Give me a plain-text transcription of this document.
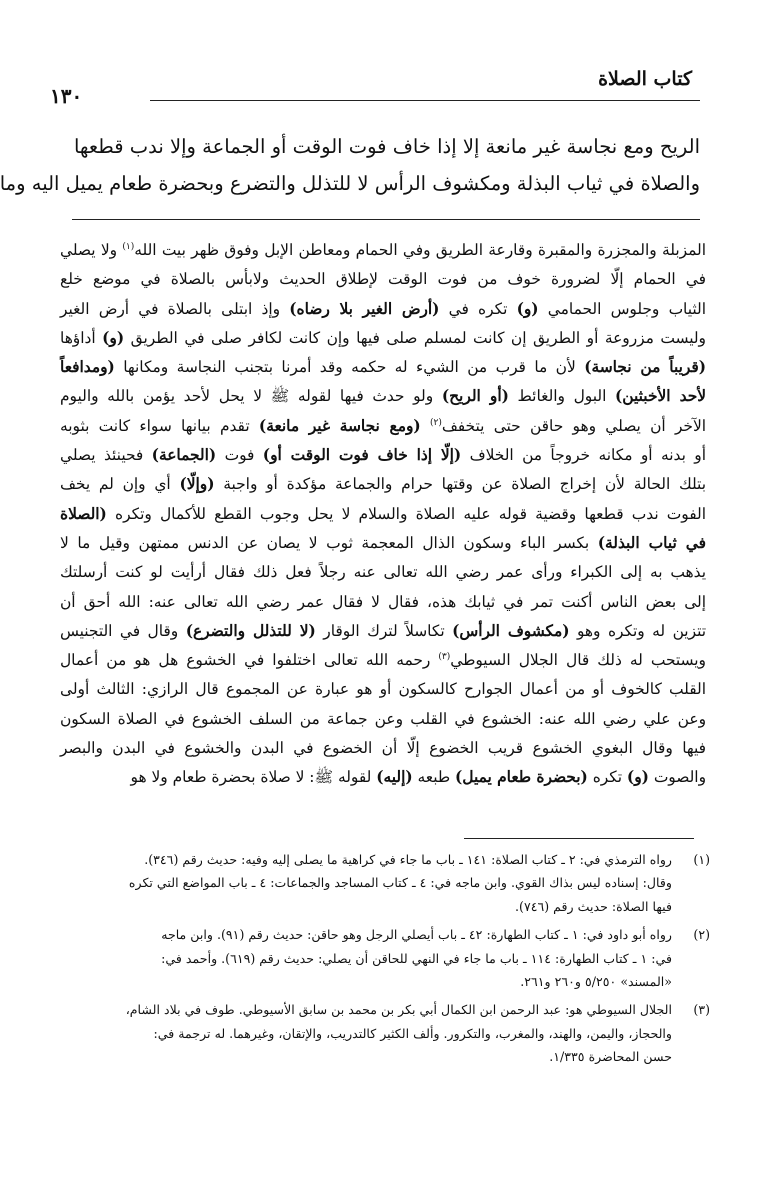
١٣٠
كتاب الصلاة
الريح ومع نجاسة غير مانعة إلا إذا خاف فوت الوقت أو الجماعة وإلا ندب قطعها
والصلاة في ثياب البذلة ومكشوف الرأس لا للتذلل والتضرع وبحضرة طعام يميل اليه وما
المزبلة والمجزرة والمقبرة وقارعة الطريق وفي الحمام ومعاطن الإبل وفوق ظهر بيت الله$^{(١)}$ ولا يصلي
في الحمام إلّا لضرورة خوف من فوت الوقت لإطلاق الحديث ولابأس بالصلاة في موضع خلع
الثياب وجلوس الحمامي (و) تكره في (أرض الغير بلا رضاه) وإذ ابتلى بالصلاة في أرض الغير
وليست مزروعة أو الطريق إن كانت لمسلم صلى فيها وإن كانت لكافر صلى في الطريق (و) أداؤها
(قريباً من نجاسة) لأن ما قرب من الشيء له حكمه وقد أمرنا بتجنب النجاسة ومكانها (ومدافعاً
لأحد الأخبثين) البول والغائط (أو الريح) ولو حدث فيها لقوله ﷺ لا يحل لأحد يؤمن بالله واليوم
الآخر أن يصلي وهو حاقن حتى يتخفف$^{(٢)}$ (ومع نجاسة غير مانعة) تقدم بيانها سواء كانت بثوبه
أو بدنه أو مكانه خروجاً من الخلاف (إلّا إذا خاف فوت الوقت أو) فوت (الجماعة) فحينئذ يصلي
بتلك الحالة لأن إخراج الصلاة عن وقتها حرام والجماعة مؤكدة أو واجبة (وإلّا) أي وإن لم يخف
الفوت ندب قطعها وقضية قوله عليه الصلاة والسلام لا يحل وجوب القطع للأكمال وتكره (الصلاة
في ثياب البذلة) بكسر الباء وسكون الذال المعجمة ثوب لا يصان عن الدنس ممتهن وقيل ما لا
يذهب به إلى الكبراء ورأى عمر رضي الله تعالى عنه رجلاً فعل ذلك فقال أرأيت لو كنت أرسلتك
إلى بعض الناس أكنت تمر في ثيابك هذه، فقال لا فقال عمر رضي الله تعالى عنه: الله أحق أن
تتزين له وتكره وهو (مكشوف الرأس) تكاسلاً لترك الوقار (لا للتذلل والتضرع) وقال في التجنيس
ويستحب له ذلك قال الجلال السيوطي$^{(٣)}$ رحمه الله تعالى اختلفوا في الخشوع هل هو من أعمال
القلب كالخوف أو من أعمال الجوارح كالسكون أو هو عبارة عن المجموع قال الرازي: الثالث أولى
وعن علي رضي الله عنه: الخشوع في القلب وعن جماعة من السلف الخشوع في الصلاة السكون
فيها وقال البغوي الخشوع قريب الخضوع إلّا أن الخضوع في البدن والخشوع في البدن والبصر
والصوت (و) تكره (بحضرة طعام يميل) طبعه (إليه) لقوله ﷺ: لا صلاة بحضرة طعام ولا هو
(١)
رواه الترمذي في: ٢ ـ كتاب الصلاة: ١٤١ ـ باب ما جاء في كراهية ما يصلى إليه وفيه: حديث رقم (٣٤٦).
وقال: إسناده ليس بذاك القوي. وابن ماجه في: ٤ ـ كتاب المساجد والجماعات: ٤ ـ باب المواضع التي تكره
فيها الصلاة: حديث رقم (٧٤٦).
(٢)
رواه أبو داود في: ١ ـ كتاب الطهارة: ٤٢ ـ باب أيصلي الرجل وهو حاقن: حديث رقم (٩١). وابن ماجه
في: ١ ـ كتاب الطهارة: ١١٤ ـ باب ما جاء في النهي للحاقن أن يصلي: حديث رقم (٦١٩). وأحمد في:
«المسند» ٥/٢٥٠ و٢٦٠ و٢٦١.
(٣)
الجلال السيوطي هو: عبد الرحمن ابن الكمال أبي بكر بن محمد بن سابق الأسيوطي. طوف في بلاد الشام،
والحجاز، واليمن، والهند، والمغرب، والتكرور. وألف الكثير كالتدريب، والإتقان، وغيرهما. له ترجمة في:
حسن المحاضرة ١/٣٣٥.
